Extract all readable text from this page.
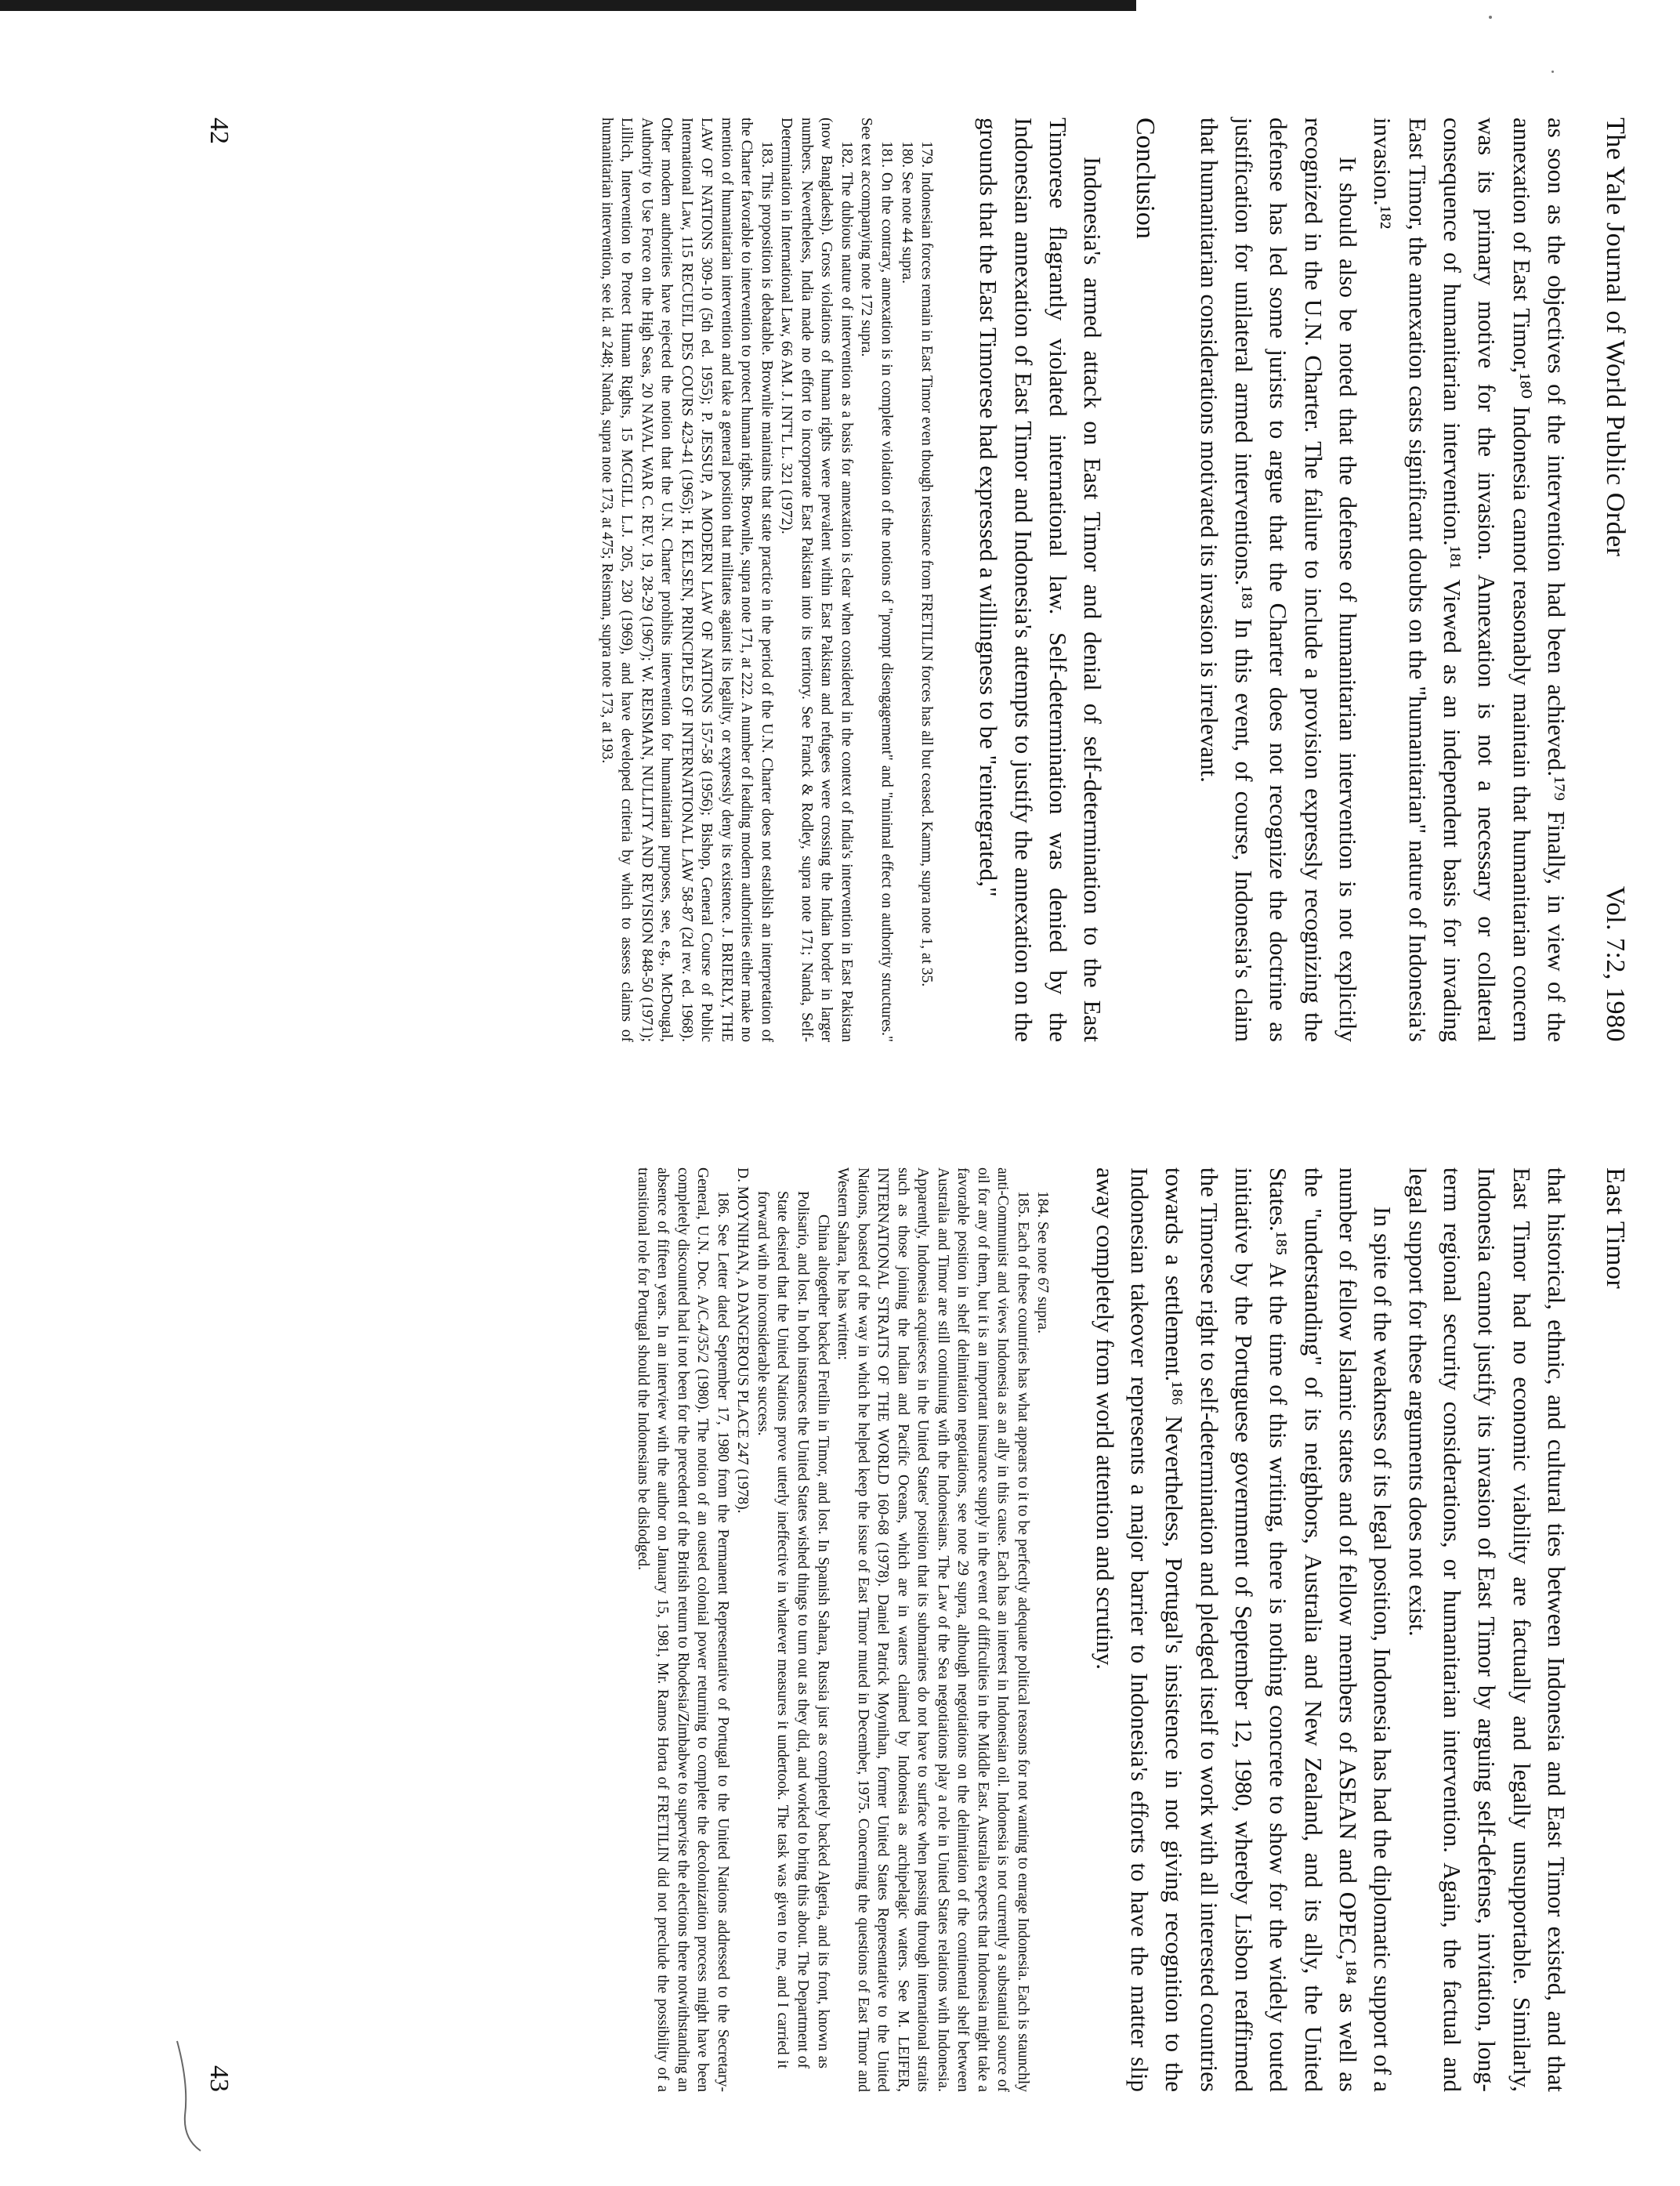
The Yale Journal of World Public Order
Vol. 7:2, 1980

as soon as the objectives of the intervention had been achieved.¹⁷⁹ Finally, in view of the annexation of East Timor,¹⁸⁰ Indonesia cannot reasonably maintain that humanitarian concern was its primary motive for the invasion. Annexation is not a necessary or collateral consequence of humanitarian intervention.¹⁸¹ Viewed as an independent basis for invading East Timor, the annexation casts significant doubts on the "humanitarian" nature of Indonesia's invasion.¹⁸²

It should also be noted that the defense of humanitarian intervention is not explicitly recognized in the U.N. Charter. The failure to include a provision expressly recognizing the defense has led some jurists to argue that the Charter does not recognize the doctrine as justification for unilateral armed interventions.¹⁸³ In this event, of course, Indonesia's claim that humanitarian considerations motivated its invasion is irrelevant.

Conclusion

Indonesia's armed attack on East Timor and denial of self-determination to the East Timorese flagrantly violated international law. Self-determination was denied by the Indonesian annexation of East Timor and Indonesia's attempts to justify the annexation on the grounds that the East Timorese had expressed a willingness to be "reintegrated,"

179. Indonesian forces remain in East Timor even though resistance from FRETILIN forces has all but ceased. Kamm, supra note 1, at 35.

180. See note 44 supra.

181. On the contrary, annexation is in complete violation of the notions of "prompt disengagement" and "minimal effect on authority structures." See text accompanying note 172 supra.

182. The dubious nature of intervention as a basis for annexation is clear when considered in the context of India's intervention in East Pakistan (now Bangladesh). Gross violations of human rights were prevalent within East Pakistan and refugees were crossing the Indian border in larger numbers. Nevertheless, India made no effort to incorporate East Pakistan into its territory. See Franck & Rodley, supra note 171; Nanda, Self-Determination in International Law, 66 AM. J. INT'L L. 321 (1972).

183. This proposition is debatable. Brownlie maintains that state practice in the period of the U.N. Charter does not establish an interpretation of the Charter favorable to intervention to protect human rights. Brownlie, supra note 171, at 222. A number of leading modern authorities either make no mention of humanitarian intervention and take a general position that militates against its legality, or expressly deny its existence. J. BRIERLY, THE LAW OF NATIONS 309-10 (5th ed. 1955); P. JESSUP, A MODERN LAW OF NATIONS 157-58 (1956); Bishop, General Course of Public International Law, 115 RECUEIL DES COURS 423-41 (1965); H. KELSEN, PRINCIPLES OF INTERNATIONAL LAW 58-87 (2d rev. ed. 1968). Other modern authorities have rejected the notion that the U.N. Charter prohibits intervention for humanitarian purposes, see, e.g., McDougal, Authority to Use Force on the High Seas, 20 NAVAL WAR C. REV. 19, 28-29 (1967); W. REISMAN, NULLITY AND REVISION 848-50 (1971); Lillich, Intervention to Protect Human Rights, 15 MCGILL L.J. 205, 230 (1969), and have developed criteria by which to assess claims of humanitarian intervention, see id. at 248; Nanda, supra note 173, at 475; Reisman, supra note 173, at 193.

42
East Timor

that historical, ethnic, and cultural ties between Indonesia and East Timor existed, and that East Timor had no economic viability are factually and legally unsupportable. Similarly, Indonesia cannot justify its invasion of East Timor by arguing self-defense, invitation, long-term regional security considerations, or humanitarian intervention. Again, the factual and legal support for these arguments does not exist.

In spite of the weakness of its legal position, Indonesia has had the diplomatic support of a number of fellow Islamic states and of fellow members of ASEAN and OPEC,¹⁸⁴ as well as the "understanding" of its neighbors, Australia and New Zealand, and its ally, the United States.¹⁸⁵ At the time of this writing, there is nothing concrete to show for the widely touted initiative by the Portuguese government of September 12, 1980, whereby Lisbon reaffirmed the Timorese right to self-determination and pledged itself to work with all interested countries towards a settlement.¹⁸⁶ Nevertheless, Portugal's insistence in not giving recognition to the Indonesian takeover represents a major barrier to Indonesia's efforts to have the matter slip away completely from world attention and scrutiny.

184. See note 67 supra.

185. Each of these countries has what appears to it to be perfectly adequate political reasons for not wanting to enrage Indonesia. Each is staunchly anti-Communist and views Indonesia as an ally in this cause. Each has an interest in Indonesian oil. Indonesia is not currently a substantial source of oil for any of them, but it is an important insurance supply in the event of difficulties in the Middle East. Australia expects that Indonesia might take a favorable position in shelf delimitation negotiations, see note 29 supra, although negotiations on the delimitation of the continental shelf between Australia and Timor are still continuing with the Indonesians. The Law of the Sea negotiations play a role in United States relations with Indonesia. Apparently, Indonesia acquiesces in the United States' position that its submarines do not have to surface when passing through international straits such as those joining the Indian and Pacific Oceans, which are in waters claimed by Indonesia as archipelagic waters. See M. LEIFER, INTERNATIONAL STRAITS OF THE WORLD 160-68 (1978). Daniel Patrick Moynihan, former United States Representative to the United Nations, boasted of the way in which he helped keep the issue of East Timor muted in December, 1975. Concerning the questions of East Timor and Western Sahara, he has written:

China altogether backed Fretilin in Timor, and lost. In Spanish Sahara, Russia just as completely backed Algeria, and its front, known as Polisario, and lost. In both instances the United States wished things to turn out as they did, and worked to bring this about. The Department of State desired that the United Nations prove utterly ineffective in whatever measures it undertook. The task was given to me, and I carried it forward with no inconsiderable success.

D. MOYNIHAN, A DANGEROUS PLACE 247 (1978).

186. See Letter dated September 17, 1980 from the Permanent Representative of Portugal to the United Nations addressed to the Secretary-General, U.N. Doc. A/C.4/35/2 (1980). The notion of an ousted colonial power returning to complete the decolonization process might have been completely discounted had it not been for the precedent of the British return to Rhodesia/Zimbabwe to supervise the elections there notwithstanding an absence of fifteen years. In an interview with the author on January 15, 1981, Mr. Ramos Horta of FRETILIN did not preclude the possibility of a transitional role for Portugal should the Indonesians be dislodged.

43
